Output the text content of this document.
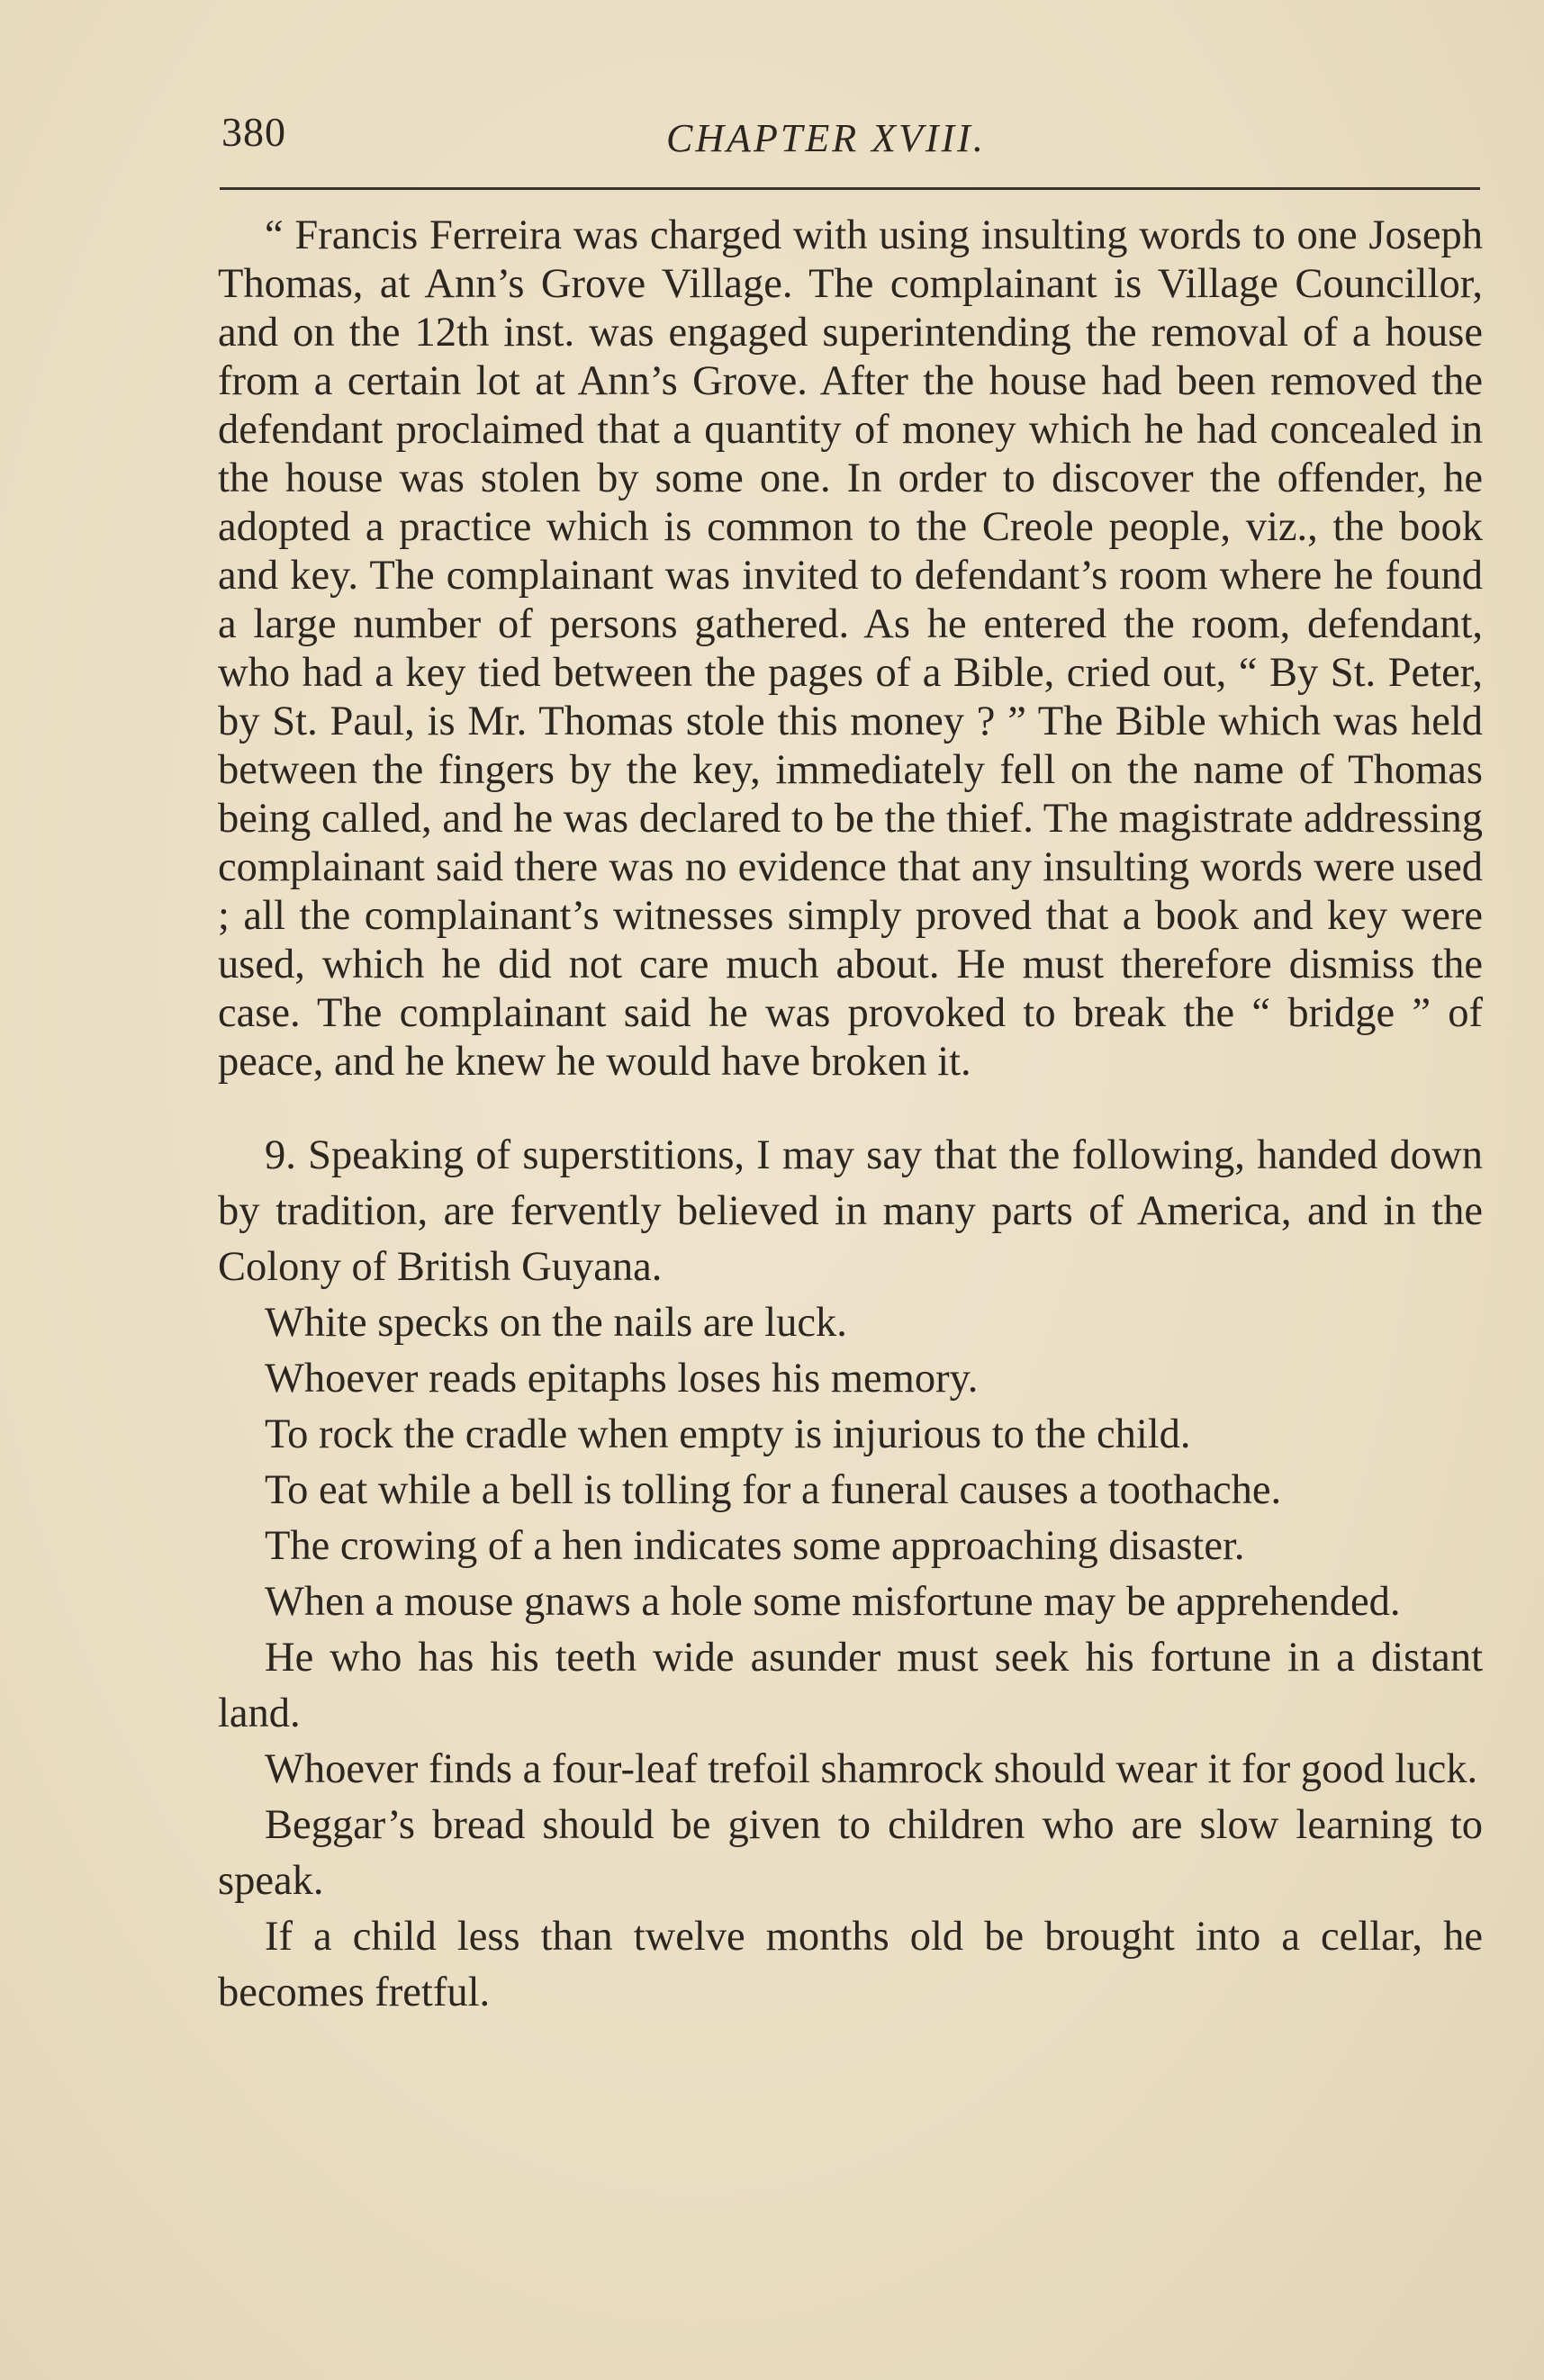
380	CHAPTER XVIII.

“ Francis Ferreira was charged with using insulting words to one Joseph Thomas, at Ann’s Grove Village. The complainant is Village Councillor, and on the 12th inst. was engaged superintending the removal of a house from a certain lot at Ann’s Grove. After the house had been removed the defendant proclaimed that a quantity of money which he had concealed in the house was stolen by some one. In order to discover the offender, he adopted a practice which is common to the Creole people, viz., the book and key. The complainant was invited to defendant’s room where he found a large number of persons gathered. As he entered the room, defendant, who had a key tied between the pages of a Bible, cried out, “ By St. Peter, by St. Paul, is Mr. Thomas stole this money ? ” The Bible which was held between the fingers by the key, immediately fell on the name of Thomas being called, and he was declared to be the thief. The magistrate addressing complainant said there was no evidence that any insulting words were used ; all the complainant’s witnesses simply proved that a book and key were used, which he did not care much about. He must therefore dismiss the case. The complainant said he was provoked to break the “ bridge ” of peace, and he knew he would have broken it.

9. Speaking of superstitions, I may say that the following, handed down by tradition, are fervently believed in many parts of America, and in the Colony of British Guyana.

White specks on the nails are luck.

Whoever reads epitaphs loses his memory.

To rock the cradle when empty is injurious to the child.

To eat while a bell is tolling for a funeral causes a toothache.

The crowing of a hen indicates some approaching disaster.

When a mouse gnaws a hole some misfortune may be apprehended.

He who has his teeth wide asunder must seek his fortune in a distant land.

Whoever finds a four-leaf trefoil shamrock should wear it for good luck.

Beggar’s bread should be given to children who are slow learning to speak.

If a child less than twelve months old be brought into a cellar, he becomes fretful.
